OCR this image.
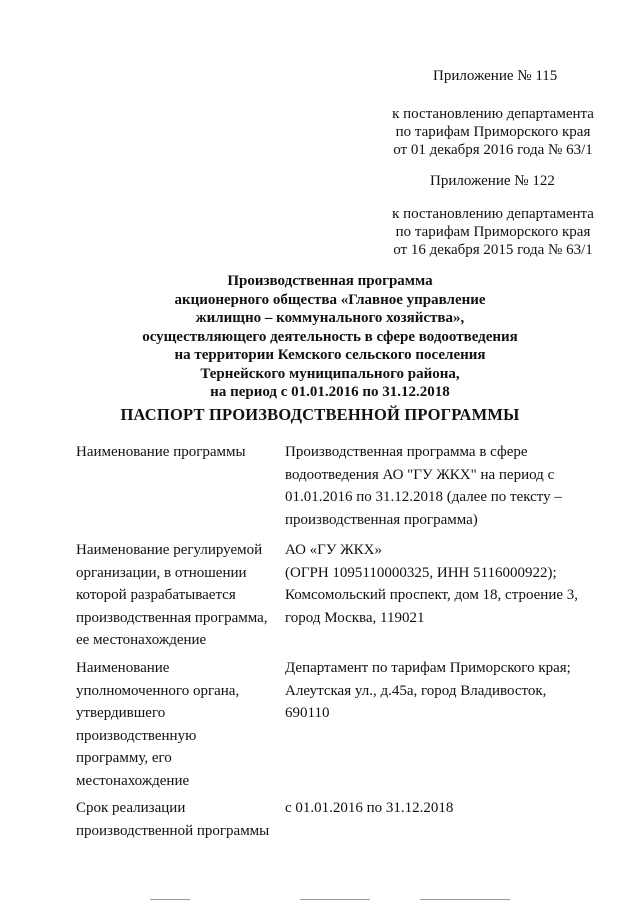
Приложение № 115
к постановлению департамента
по тарифам Приморского края
от 01 декабря 2016 года № 63/1
Приложение № 122
к постановлению департамента
по тарифам Приморского края
от 16 декабря 2015 года № 63/1
Производственная программа
акционерного общества «Главное управление
жилищно – коммунального хозяйства»,
осуществляющего деятельность в сфере водоотведения
на территории Кемского сельского поселения
Тернейского муниципального района,
на период с 01.01.2016 по 31.12.2018
ПАСПОРТ ПРОИЗВОДСТВЕННОЙ ПРОГРАММЫ
Наименование программы	Производственная программа в сфере
водоотведения АО "ГУ ЖКХ" на период с
01.01.2016 по 31.12.2018 (далее по тексту –
производственная программа)
Наименование регулируемой
организации, в отношении
которой разрабатывается
производственная программа,
ее местонахождение
АО «ГУ ЖКХ»
(ОГРН 1095110000325, ИНН 5116000922);
Комсомольский проспект, дом 18, строение 3,
город Москва, 119021
Наименование
уполномоченного органа,
утвердившего
производственную
программу, его
местонахождение
Департамент по тарифам Приморского края;
Алеутская ул., д.45а, город Владивосток,
690110
Срок реализации
производственной программы
с 01.01.2016 по 31.12.2018
